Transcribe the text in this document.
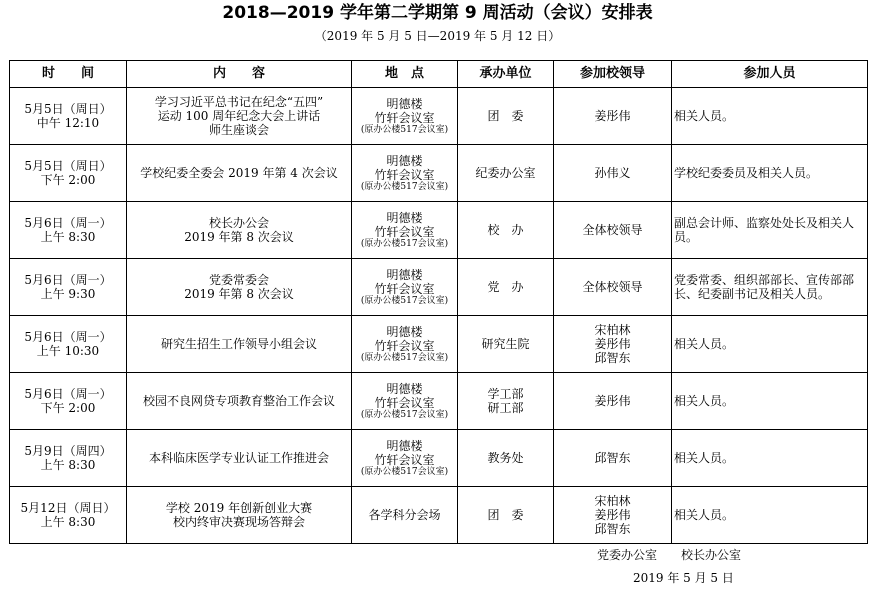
2018—2019 学年第二学期第 9 周活动（会议）安排表
（2019 年 5 月 5 日—2019 年 5 月 12 日）
时　　间	内　　容	地　点	承办单位	参加校领导	参加人员

5月5日（周日）
中午 12:10	学习习近平总书记在纪念“五四”
运动 100 周年纪念大会上讲话
师生座谈会	明德楼
竹轩会议室
(原办公楼517会议室)	团　委	姜彤伟	相关人员。

5月5日（周日）
下午 2:00	学校纪委全委会 2019 年第 4 次会议	明德楼
竹轩会议室
(原办公楼517会议室)	纪委办公室	孙伟义	学校纪委委员及相关人员。

5月6日（周一）
上午 8:30	校长办公会
2019 年第 8 次会议	明德楼
竹轩会议室
(原办公楼517会议室)	校　办	全体校领导	副总会计师、监察处处长及相关人员。

5月6日（周一）
上午 9:30	党委常委会
2019 年第 8 次会议	明德楼
竹轩会议室
(原办公楼517会议室)	党　办	全体校领导	党委常委、组织部部长、宣传部部长、纪委副书记及相关人员。

5月6日（周一）
上午 10:30	研究生招生工作领导小组会议	明德楼
竹轩会议室
(原办公楼517会议室)	研究生院	宋柏林
姜彤伟
邱智东	相关人员。

5月6日（周一）
下午 2:00	校园不良网贷专项教育整治工作会议	明德楼
竹轩会议室
(原办公楼517会议室)	学工部
研工部	姜彤伟	相关人员。

5月9日（周四）
上午 8:30	本科临床医学专业认证工作推进会	明德楼
竹轩会议室
(原办公楼517会议室)	教务处	邱智东	相关人员。

5月12日（周日）
上午 8:30	学校 2019 年创新创业大赛
校内终审决赛现场答辩会	各学科分会场	团　委	宋柏林
姜彤伟
邱智东	相关人员。
党委办公室　　校长办公室
2019 年 5 月 5 日
